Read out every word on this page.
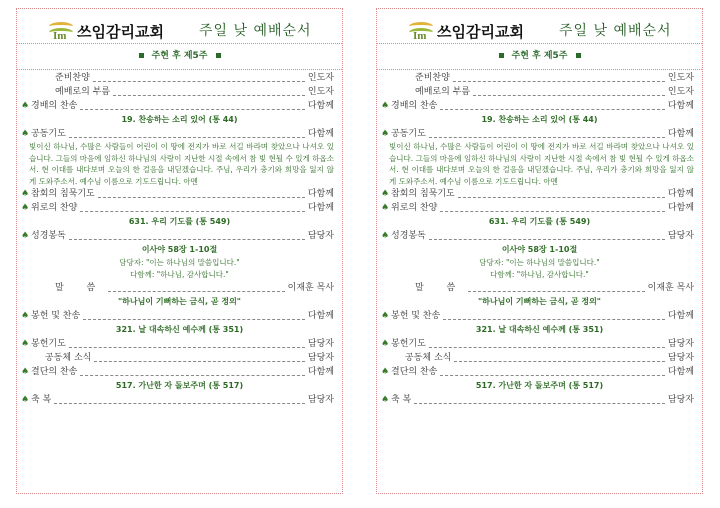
Im 쓰임감리교회	주일 낮 예배순서
주현 후 제5주
준비찬양	인도자
예배로의 부름	인도자
♠ 경배의 찬송	다함께
19. 찬송하는 소리 있어 (통 44)
♠ 공동기도	다함께
빛이신 하나님, 수많은 사람들이 어린이 이 땅에 전지가 바로 서길 바라며 찾았으나 나셔오 있습니다. 그들의 마음에 임하신 하나님의 사랑이 지난한 시절 속에서 참 빛 현될 수 있게 하옵소서. 현 이대를 내다보며 오늘의 한 걸음을 내딛겠습니다. 주님, 우리가 충기와 희망을 잃지 않게 도와주소서. 예수님 이름으로 기도드립니다. 아멘
♠ 참회의 침묵기도	다함께
♠ 위로의 찬양	다함께
631. 우리 기도를 (통 549)
♠ 성경봉독	담당자
이사야 58장 1-10절
담당자: "이는 하나님의 말씀입니다."
다함께: "하나님, 감사합니다."
말 씀	이재훈 목사
"하나님이 기뻐하는 금식, 곧 정의"
♠ 봉헌 및 찬송	다함께
321. 날 대속하신 예수께 (통 351)
♠ 봉헌기도	담당자
공동체 소식	담당자
♠ 결단의 찬송	다함께
517. 가난한 자 돌보주며 (통 517)
♠ 축 복	담당자
Im 쓰임감리교회	주일 낮 예배순서
주현 후 제5주
준비찬양	인도자
예배로의 부름	인도자
♠ 경배의 찬송	다함께
19. 찬송하는 소리 있어 (통 44)
♠ 공동기도	다함께
빛이신 하나님, 수많은 사람들이 어린이 이 땅에 전지가 바로 서길 바라며 찾았으나 나셔오 있습니다. 그들의 마음에 임하신 하나님의 사랑이 지난한 시절 속에서 참 빛 현될 수 있게 하옵소서. 현 이대를 내다보며 오늘의 한 걸음을 내딛겠습니다. 주님, 우리가 충기와 희망을 잃지 않게 도와주소서. 예수님 이름으로 기도드립니다. 아멘
♠ 참회의 침묵기도	다함께
♠ 위로의 찬양	다함께
631. 우리 기도를 (통 549)
♠ 성경봉독	담당자
이사야 58장 1-10절
담당자: "이는 하나님의 말씀입니다."
다함께: "하나님, 감사합니다."
말 씀	이재훈 목사
"하나님이 기뻐하는 금식, 곧 정의"
♠ 봉헌 및 찬송	다함께
321. 날 대속하신 예수께 (통 351)
♠ 봉헌기도	담당자
공동체 소식	담당자
♠ 결단의 찬송	다함께
517. 가난한 자 돌보주며 (통 517)
♠ 축 복	담당자
